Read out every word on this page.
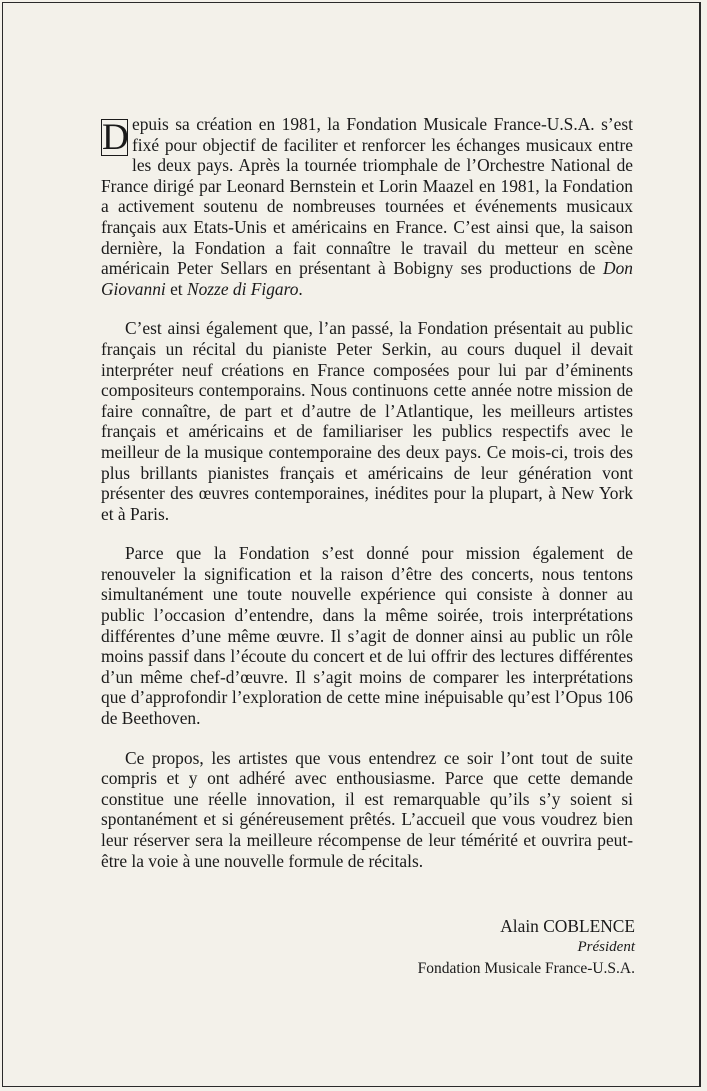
D epuis sa création en 1981, la Fondation Musicale France-U.S.A. s’est fixé pour objectif de faciliter et renforcer les échanges musicaux entre les deux pays. Après la tournée triomphale de l’Orchestre National de France dirigé par Leonard Bernstein et Lorin Maazel en 1981, la Fondation a activement soutenu de nombreuses tournées et événements musicaux français aux Etats-Unis et américains en France. C’est ainsi que, la saison dernière, la Fondation a fait connaître le travail du metteur en scène américain Peter Sellars en présentant à Bobigny ses productions de Don Giovanni et Nozze di Figaro.

C’est ainsi également que, l’an passé, la Fondation présentait au public français un récital du pianiste Peter Serkin, au cours duquel il devait interpréter neuf créations en France composées pour lui par d’éminents compositeurs contemporains. Nous continuons cette année notre mission de faire connaître, de part et d’autre de l’Atlantique, les meilleurs artistes français et américains et de familiariser les publics respectifs avec le meilleur de la musique contemporaine des deux pays. Ce mois-ci, trois des plus brillants pianistes français et américains de leur génération vont présenter des œuvres contemporaines, inédites pour la plupart, à New York et à Paris.

Parce que la Fondation s’est donné pour mission également de renouveler la signification et la raison d’être des concerts, nous tentons simultanément une toute nouvelle expérience qui consiste à donner au public l’occasion d’entendre, dans la même soirée, trois interprétations différentes d’une même œuvre. Il s’agit de donner ainsi au public un rôle moins passif dans l’écoute du concert et de lui offrir des lectures différentes d’un même chef-d’œuvre. Il s’agit moins de comparer les interprétations que d’approfondir l’exploration de cette mine inépuisable qu’est l’Opus 106 de Beethoven.

Ce propos, les artistes que vous entendrez ce soir l’ont tout de suite compris et y ont adhéré avec enthousiasme. Parce que cette demande constitue une réelle innovation, il est remarquable qu’ils s’y soient si spontanément et si généreusement prêtés. L’accueil que vous voudrez bien leur réserver sera la meilleure récompense de leur témérité et ouvrira peut-être la voie à une nouvelle formule de récitals.

Alain COBLENCE
Président
Fondation Musicale France-U.S.A.
